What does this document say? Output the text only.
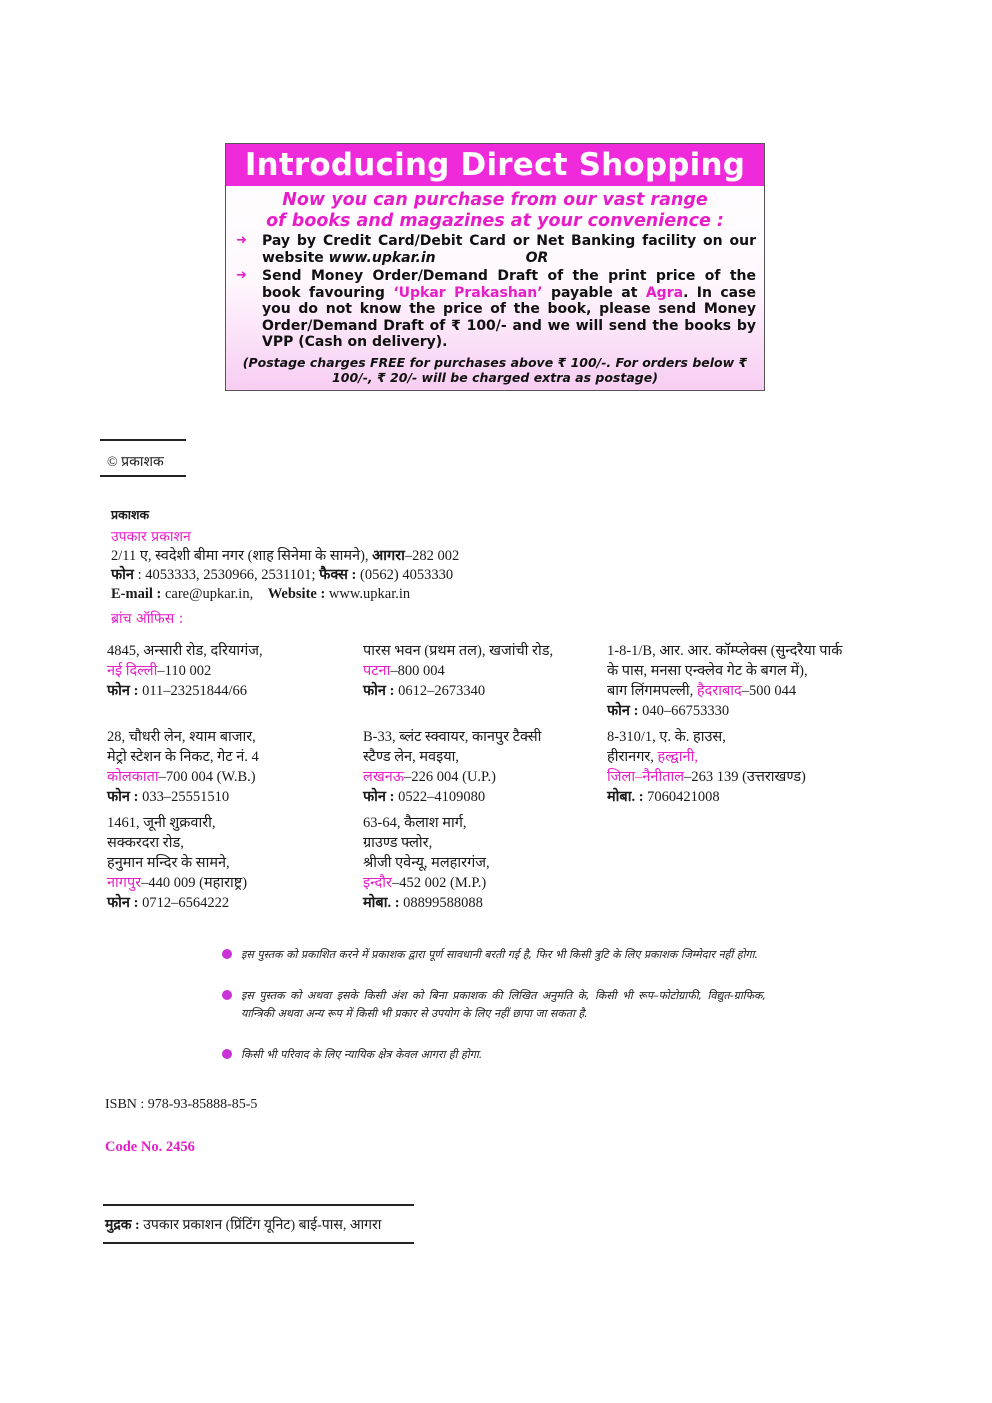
Introducing Direct Shopping
Now you can purchase from our vast range
of books and magazines at your convenience :
➜ Pay by Credit Card/Debit Card or Net Banking facility on our website www.upkar.in	OR
➜ Send Money Order/Demand Draft of the print price of the book favouring ‘Upkar Prakashan’ payable at Agra. In case you do not know the price of the book, please send Money Order/Demand Draft of ₹ 100/- and we will send the books by VPP (Cash on delivery).
(Postage charges FREE for purchases above ₹ 100/-. For orders below ₹ 100/-, ₹ 20/- will be charged extra as postage)
© प्रकाशक
प्रकाशक
उपकार प्रकाशन
2/11 ए, स्वदेशी बीमा नगर (शाह सिनेमा के सामने), आगरा–282 002
फोन : 4053333, 2530966, 2531101; फैक्स : (0562) 4053330
E-mail : care@upkar.in, Website : www.upkar.in
ब्रांच ऑफिस :
4845, अन्सारी रोड, दरियागंज,
नई दिल्ली–110 002
फोन : 011–23251844/66
पारस भवन (प्रथम तल), खजांची रोड,
पटना–800 004
फोन : 0612–2673340
1-8-1/B, आर. आर. कॉम्प्लेक्स (सुन्दरैया पार्क
के पास, मनसा एन्क्लेव गेट के बगल में),
बाग लिंगमपल्ली, हैदराबाद–500 044
फोन : 040–66753330
28, चौधरी लेन, श्याम बाजार,
मेट्रो स्टेशन के निकट, गेट नं. 4
कोलकाता–700 004 (W.B.)
फोन : 033–25551510
B-33, ब्लंट स्क्वायर, कानपुर टैक्सी
स्टैण्ड लेन, मवइया,
लखनऊ–226 004 (U.P.)
फोन : 0522–4109080
8-310/1, ए. के. हाउस,
हीरानगर, हल्द्वानी,
जिला–नैनीताल–263 139 (उत्तराखण्ड)
मोबा. : 7060421008
1461, जूनी शुक्रवारी,
सक्करदरा रोड,
हनुमान मन्दिर के सामने,
नागपुर–440 009 (महाराष्ट्र)
फोन : 0712–6564222
63-64, कैलाश मार्ग,
ग्राउण्ड फ्लोर,
श्रीजी एवेन्यू, मलहारगंज,
इन्दौर–452 002 (M.P.)
मोबा. : 08899588088
इस पुस्तक को प्रकाशित करने में प्रकाशक द्वारा पूर्ण सावधानी बरती गई है, फिर भी किसी त्रुटि के लिए प्रकाशक जिम्मेदार नहीं होगा.
इस पुस्तक को अथवा इसके किसी अंश को बिना प्रकाशक की लिखित अनुमति के, किसी भी रूप–फोटोग्राफी, विद्युत-ग्राफिक, यान्त्रिकी अथवा अन्य रूप में किसी भी प्रकार से उपयोग के लिए नहीं छापा जा सकता है.
किसी भी परिवाद के लिए न्यायिक क्षेत्र केवल आगरा ही होगा.
ISBN : 978-93-85888-85-5
Code No. 2456
मुद्रक : उपकार प्रकाशन (प्रिंटिंग यूनिट) बाई-पास, आगरा
